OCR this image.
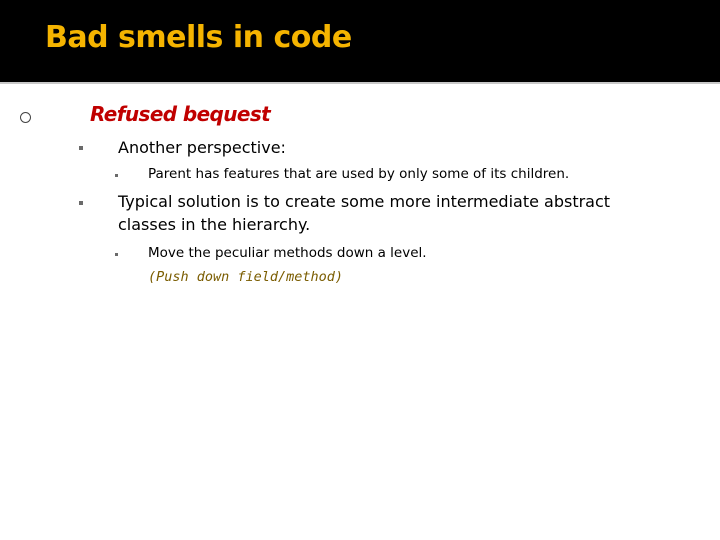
Bad smells in code
Refused bequest
Another perspective:
Parent has features that are used by only some of its children.
Typical solution is to create some more intermediate abstract
classes in the hierarchy.
Move the peculiar methods down a level.
(Push down field/method)
